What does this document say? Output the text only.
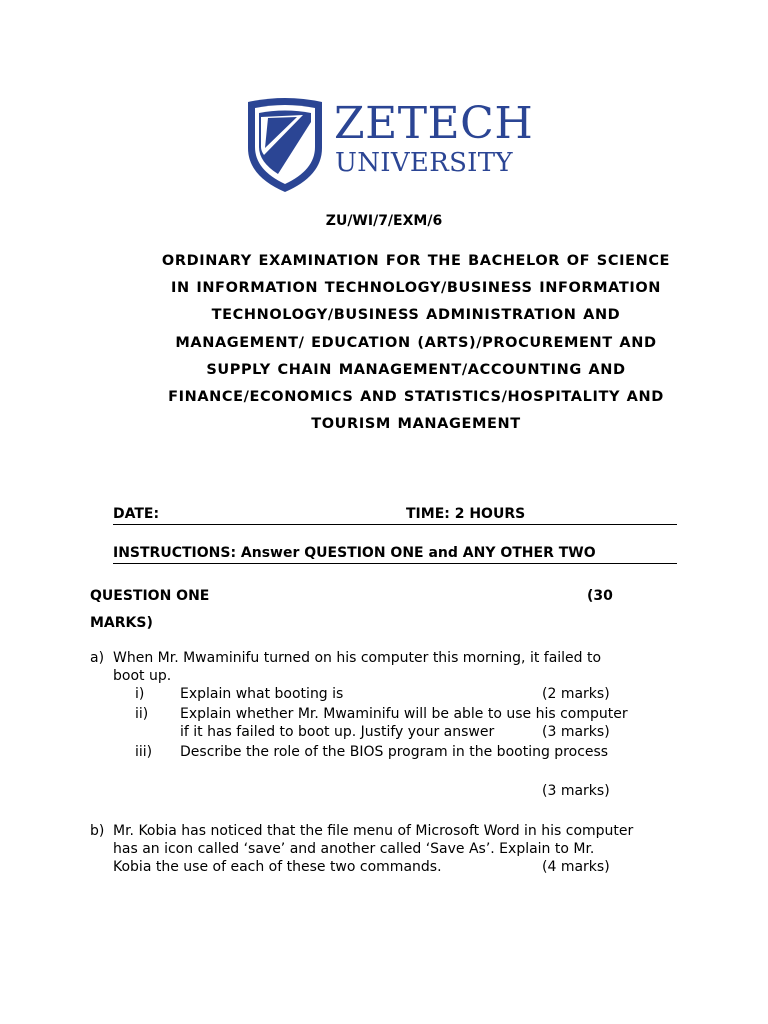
ZETECH
UNIVERSITY
ZU/WI/7/EXM/6

ORDINARY EXAMINATION FOR THE BACHELOR OF SCIENCE IN INFORMATION TECHNOLOGY/BUSINESS INFORMATION TECHNOLOGY/BUSINESS ADMINISTRATION AND MANAGEMENT/ EDUCATION (ARTS)/PROCUREMENT AND SUPPLY CHAIN MANAGEMENT/ACCOUNTING AND FINANCE/ECONOMICS AND STATISTICS/HOSPITALITY AND TOURISM MANAGEMENT

DATE:	TIME: 2 HOURS
INSTRUCTIONS: Answer QUESTION ONE and ANY OTHER TWO
QUESTION ONE	(30
MARKS)
a) When Mr. Mwaminifu turned on his computer this morning, it failed to
boot up.
i)	Explain what booting is	(2 marks)
ii) Explain whether Mr. Mwaminifu will be able to use his computer
if it has failed to boot up. Justify your answer	(3 marks)
iii) Describe the role of the BIOS program in the booting process
(3 marks)
b) Mr. Kobia has noticed that the file menu of Microsoft Word in his computer
has an icon called ‘save’ and another called ‘Save As’. Explain to Mr.
Kobia the use of each of these two commands.	(4 marks)
